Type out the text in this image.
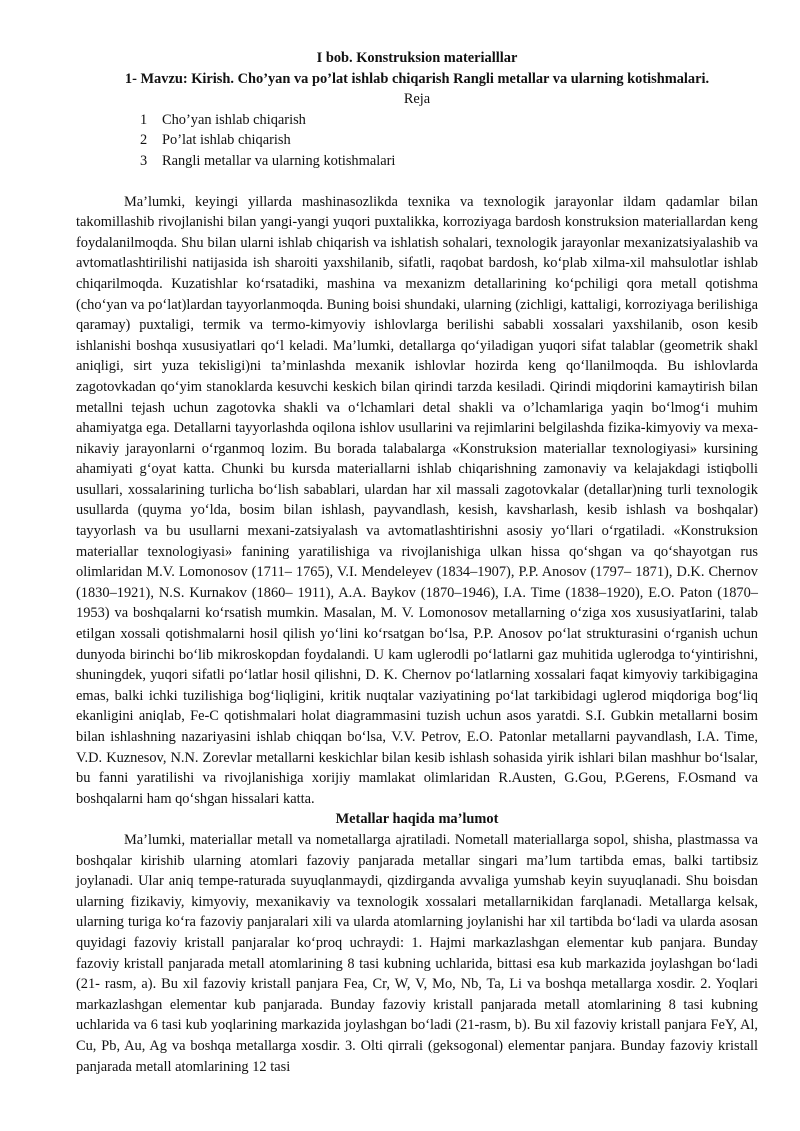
I bob. Konstruksion materialllar

1- Mavzu: Kirish. Cho’yan va po’lat ishlab chiqarish Rangli metallar va ularning kotishmalari.

Reja

1 Cho’yan ishlab chiqarish
2 Po’lat ishlab chiqarish
3 Rangli metallar va ularning kotishmalari

Ma’lumki, keyingi yillarda mashinasozlikda texnika va texnologik jarayonlar ildam qadamlar bilan takomillashib rivojlanishi bilan yangi-yangi yuqori puxtalikka, korroziyaga bardosh konstruksion materiallardan keng foydalanilmoqda. Shu bilan ularni ishlab chiqarish va ishlatish sohalari, texnologik jarayonlar mexanizatsiyalashib va avtomatlashtirilishi natijasida ish sharoiti yaxshilanib, sifatli, raqobat bardosh, ko‘plab xilma-xil mahsulotlar ishlab chiqarilmoqda. Kuzatishlar ko‘rsatadiki, mashina va mexanizm detallarining ko‘pchiligi qora metall qotishma (cho‘yan va po‘lat)lardan tayyorlanmoqda. Buning boisi shundaki, ularning (zichligi, kattaligi, korroziyaga berilishiga qaramay) puxtaligi, termik va termo-kimyoviy ishlovlarga berilishi sababli xossalari yaxshilanib, oson kesib ishlanishi boshqa xususiyatlari qo‘l keladi. Ma’lumki, detallarga qo‘yiladigan yuqori sifat talablar (geometrik shakl aniqligi, sirt yuza tekisligi)ni ta’minlashda mexanik ishlovlar hozirda keng qo‘llanilmoqda. Bu ishlovlarda zagotovkadan qo‘yim stanoklarda kesuvchi keskich bilan qirindi tarzda kesiladi. Qirindi miqdorini kamaytirish bilan metallni tejash uchun zagotovka shakli va o‘lchamlari detal shakli va o’lchamlariga yaqin bo‘lmog‘i muhim ahamiyatga ega. Detallarni tayyorlashda oqilona ishlov usullarini va rejimlarini belgilashda fizika-kimyoviy va mexa-nikaviy jarayonlarni o‘rganmoq lozim. Bu borada talabalarga «Konstruksion materiallar texnologiyasi» kursining ahamiyati g‘oyat katta. Chunki bu kursda materiallarni ishlab chiqarishning zamonaviy va kelajakdagi istiqbolli usullari, xossalarining turlicha bo‘lish sabablari, ulardan har xil massali zagotovkalar (detallar)ning turli texnologik usullarda (quyma yo‘lda, bosim bilan ishlash, payvandlash, kesish, kavsharlash, kesib ishlash va boshqalar) tayyorlash va bu usullarni mexani-zatsiyalash va avtomatlashtirishni asosiy yo‘llari o‘rgatiladi. «Konstruksion materiallar texnologiyasi» fanining yaratilishiga va rivojlanishiga ulkan hissa qo‘shgan va qo‘shayotgan rus olimlaridan M.V. Lomonosov (1711– 1765), V.I. Mendeleyev (1834–1907), P.P. Anosov (1797– 1871), D.K. Chernov (1830–1921), N.S. Kurnakov (1860– 1911), A.A. Baykov (1870–1946), I.A. Time (1838–1920), E.O. Paton (1870–1953) va boshqalarni ko‘rsatish mumkin. Masalan, M. V. Lomonosov metallarning o‘ziga xos xususiyatIarini, talab etilgan xossali qotishmalarni hosil qilish yo‘lini ko‘rsatgan bo‘lsa, P.P. Anosov po‘lat strukturasini o‘rganish uchun dunyoda birinchi bo‘lib mikroskopdan foydalandi. U kam uglerodli po‘latlarni gaz muhitida uglerodga to‘yintirishni, shuningdek, yuqori sifatli po‘latlar hosil qilishni, D. K. Chernov po‘latlarning xossalari faqat kimyoviy tarkibigagina emas, balki ichki tuzilishiga bog‘liqligini, kritik nuqtalar vaziyatining po‘lat tarkibidagi uglerod miqdoriga bog‘liq ekanligini aniqlab, Fe-C qotishmalari holat diagrammasini tuzish uchun asos yaratdi. S.I. Gubkin metallarni bosim bilan ishlashning nazariyasini ishlab chiqqan bo‘lsa, V.V. Petrov, E.O. Patonlar metallarni payvandlash, I.A. Time, V.D. Kuznesov, N.N. Zorevlar metallarni keskichlar bilan kesib ishlash sohasida yirik ishlari bilan mashhur bo‘lsalar, bu fanni yaratilishi va rivojlanishiga xorijiy mamlakat olimlaridan R.Austen, G.Gou, P.Gerens, F.Osmand va boshqalarni ham qo‘shgan hissalari katta.

Metallar haqida ma’lumot

Ma’lumki, materiallar metall va nometallarga ajratiladi. Nometall materiallarga sopol, shisha, plastmassa va boshqalar kirishib ularning atomlari fazoviy panjarada metallar singari ma’lum tartibda emas, balki tartibsiz joylanadi. Ular aniq tempe-raturada suyuqlanmaydi, qizdirganda avvaliga yumshab keyin suyuqlanadi. Shu boisdan ularning fizikaviy, kimyoviy, mexanikaviy va texnologik xossalari metallarnikidan farqlanadi. Metallarga kelsak, ularning turiga ko‘ra fazoviy panjaralari xili va ularda atomlarning joylanishi har xil tartibda bo‘ladi va ularda asosan quyidagi fazoviy kristall panjaralar ko‘proq uchraydi: 1. Hajmi markazlashgan elementar kub panjara. Bunday fazoviy kristall panjarada metall atomlarining 8 tasi kubning uchlarida, bittasi esa kub markazida joylashgan bo‘ladi (21- rasm, a). Bu xil fazoviy kristall panjara Fea, Cr, W, V, Mo, Nb, Ta, Li va boshqa metallarga xosdir. 2. Yoqlari markazlashgan elementar kub panjarada. Bunday fazoviy kristall panjarada metall atomlarining 8 tasi kubning uchlarida va 6 tasi kub yoqlarining markazida joylashgan bo‘ladi (21-rasm, b). Bu xil fazoviy kristall panjara FeY, Al, Cu, Pb, Au, Ag va boshqa metallarga xosdir. 3. Olti qirrali (geksogonal) elementar panjara. Bunday fazoviy kristall panjarada metall atomlarining 12 tasi
